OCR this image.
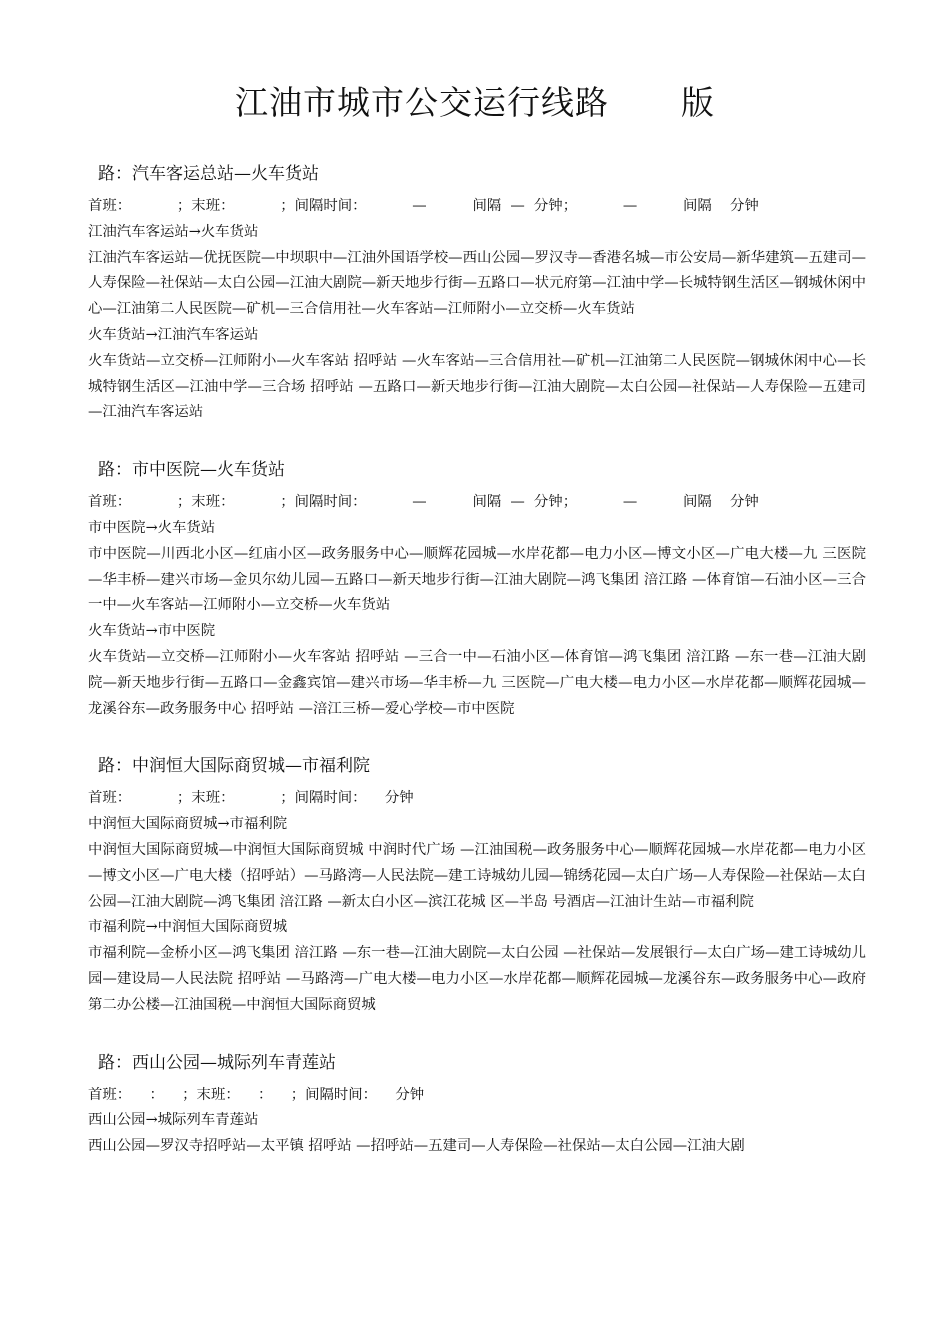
江油市城市公交运行线路 版
路：汽车客运总站—火车货站
首班：          ；末班：          ；间隔时间：          —          间隔  —  分钟；          —          间隔    分钟
江油汽车客运站→火车货站
江油汽车客运站—优抚医院—中坝职中—江油外国语学校—西山公园—罗汉寺—香港名城—市公安局—新华建筑—五建司—人寿保险—社保站—太白公园—江油大剧院—新天地步行街—五路口—状元府第—江油中学—长城特钢生活区—钢城休闲中心—江油第二人民医院—矿机—三合信用社—火车客站—江师附小—立交桥—火车货站
火车货站→江油汽车客运站
火车货站—立交桥—江师附小—火车客站 招呼站 —火车客站—三合信用社—矿机—江油第二人民医院—钢城休闲中心—长城特钢生活区—江油中学—三合场 招呼站 —五路口—新天地步行街—江油大剧院—太白公园—社保站—人寿保险—五建司—江油汽车客运站
路：市中医院—火车货站
首班：          ；末班：          ；间隔时间：          —          间隔  —  分钟；          —          间隔    分钟
市中医院→火车货站
市中医院—川西北小区—红庙小区—政务服务中心—顺辉花园城—水岸花都—电力小区—博文小区—广电大楼—九 三医院—华丰桥—建兴市场—金贝尔幼儿园—五路口—新天地步行街—江油大剧院—鸿飞集团 涪江路 —体育馆—石油小区—三合一中—火车客站—江师附小—立交桥—火车货站
火车货站→市中医院
火车货站—立交桥—江师附小—火车客站 招呼站 —三合一中—石油小区—体育馆—鸿飞集团 涪江路 —东一巷—江油大剧院—新天地步行街—五路口—金鑫宾馆—建兴市场—华丰桥—九 三医院—广电大楼—电力小区—水岸花都—顺辉花园城—龙溪谷东—政务服务中心 招呼站 —涪江三桥—爱心学校—市中医院
路：中润恒大国际商贸城—市福利院
首班：          ；末班：          ；间隔时间：    分钟
中润恒大国际商贸城→市福利院
中润恒大国际商贸城—中润恒大国际商贸城 中润时代广场 —江油国税—政务服务中心—顺辉花园城—水岸花都—电力小区—博文小区—广电大楼（招呼站）—马路湾—人民法院—建工诗城幼儿园—锦绣花园—太白广场—人寿保险—社保站—太白公园—江油大剧院—鸿飞集团 涪江路 —新太白小区—滨江花城 区—半岛 号酒店—江油计生站—市福利院
市福利院→中润恒大国际商贸城
市福利院—金桥小区—鸿飞集团 涪江路 —东一巷—江油大剧院—太白公园 —社保站—发展银行—太白广场—建工诗城幼儿园—建设局—人民法院 招呼站 —马路湾—广电大楼—电力小区—水岸花都—顺辉花园城—龙溪谷东—政务服务中心—政府第二办公楼—江油国税—中润恒大国际商贸城
路：西山公园—城际列车青莲站
首班：    ：    ；末班：    ：    ；间隔时间：    分钟
西山公园→城际列车青莲站
西山公园—罗汉寺招呼站—太平镇 招呼站 —招呼站—五建司—人寿保险—社保站—太白公园—江油大剧
